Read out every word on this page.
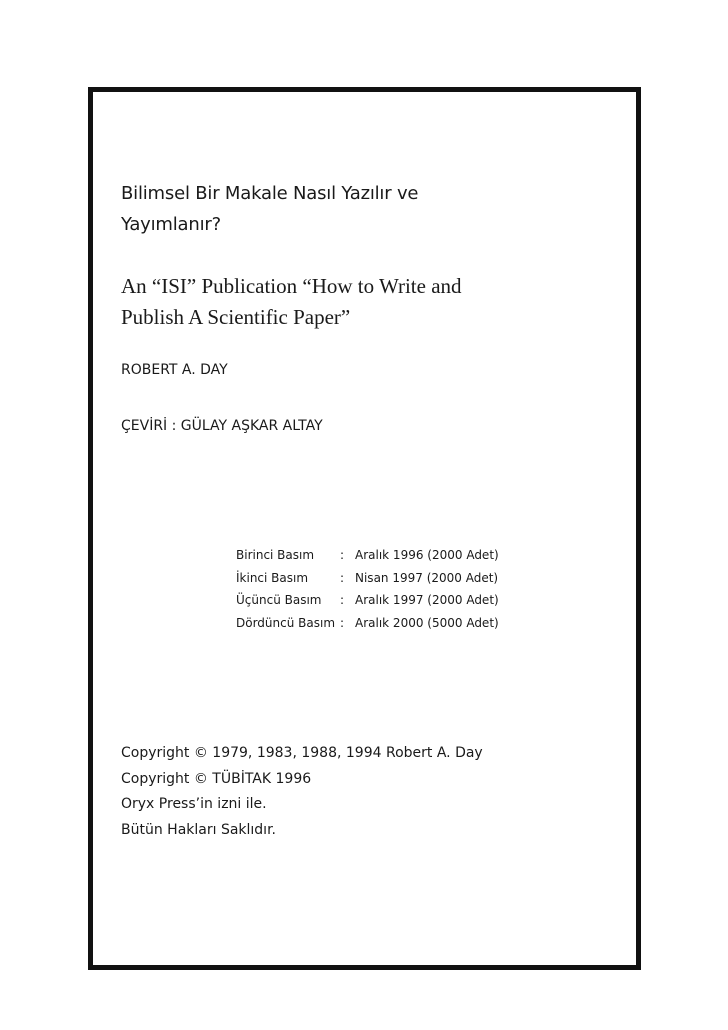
Bilimsel Bir Makale Nasıl Yazılır ve
Yayımlanır?
An “ISI” Publication “How to Write and
Publish A Scientific Paper”
ROBERT A. DAY
ÇEVİRİ : GÜLAY AŞKAR ALTAY
Birinci Basım	:	Aralık 1996 (2000 Adet)
İkinci Basım	:	Nisan 1997 (2000 Adet)
Üçüncü Basım	:	Aralık 1997 (2000 Adet)
Dördüncü Basım	:	Aralık 2000 (5000 Adet)
Copyright © 1979, 1983, 1988, 1994 Robert A. Day
Copyright © TÜBİTAK 1996
Oryx Press’in izni ile.
Bütün Hakları Saklıdır.
